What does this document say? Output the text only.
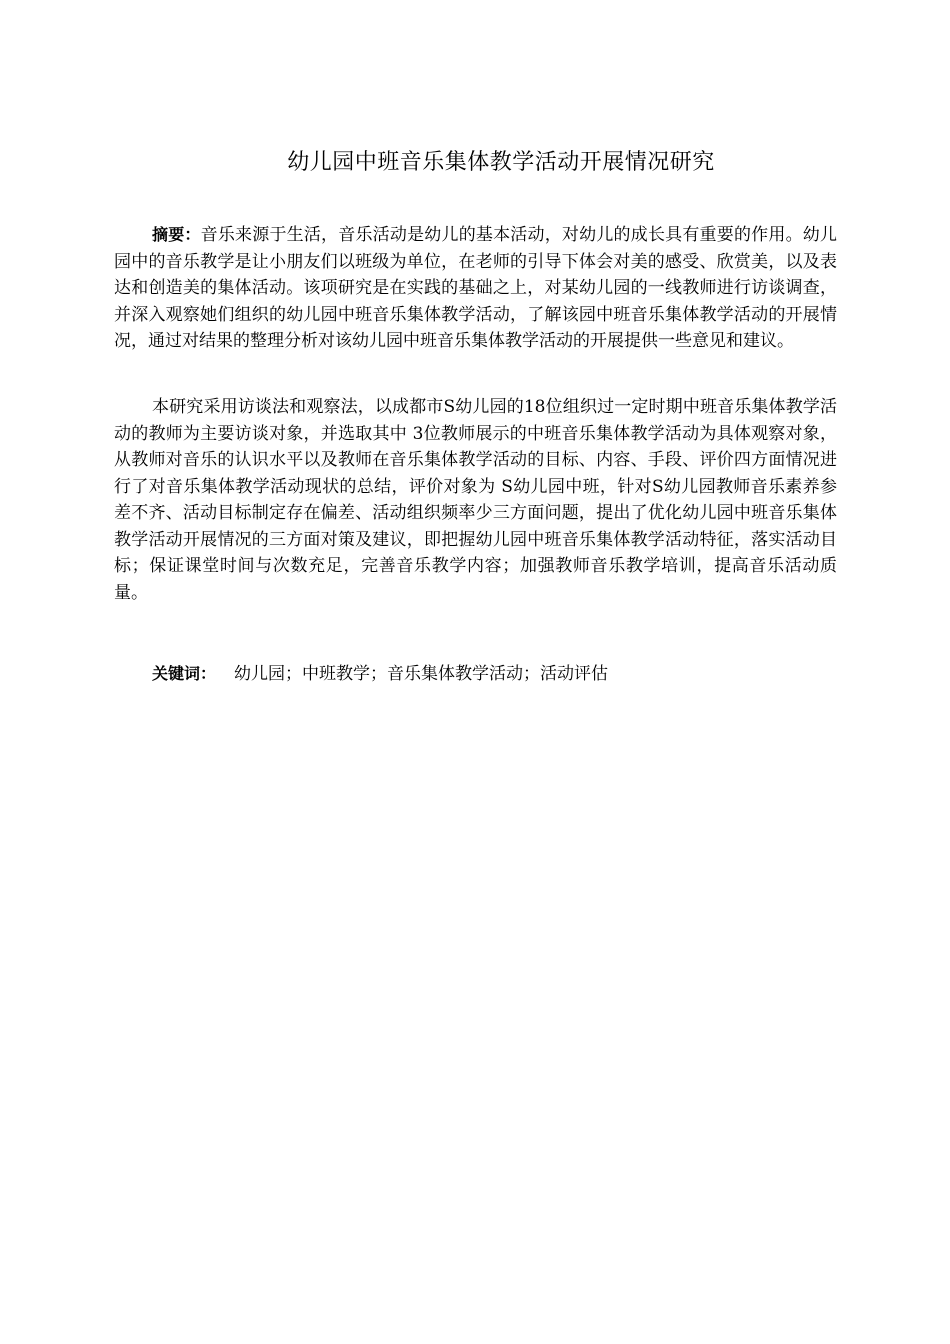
幼儿园中班音乐集体教学活动开展情况研究

摘要：音乐来源于生活，音乐活动是幼儿的基本活动，对幼儿的成长具有重要的作用。幼儿园中的音乐教学是让小朋友们以班级为单位，在老师的引导下体会对美的感受、欣赏美，以及表达和创造美的集体活动。该项研究是在实践的基础之上，对某幼儿园的一线教师进行访谈调查，并深入观察她们组织的幼儿园中班音乐集体教学活动，了解该园中班音乐集体教学活动的开展情况，通过对结果的整理分析对该幼儿园中班音乐集体教学活动的开展提供一些意见和建议。

本研究采用访谈法和观察法，以成都市S幼儿园的18位组织过一定时期中班音乐集体教学活动的教师为主要访谈对象，并选取其中 3位教师展示的中班音乐集体教学活动为具体观察对象，从教师对音乐的认识水平以及教师在音乐集体教学活动的目标、内容、手段、评价四方面情况进行了对音乐集体教学活动现状的总结，评价对象为 S幼儿园中班，针对S幼儿园教师音乐素养参差不齐、活动目标制定存在偏差、活动组织频率少三方面问题，提出了优化幼儿园中班音乐集体教学活动开展情况的三方面对策及建议，即把握幼儿园中班音乐集体教学活动特征，落实活动目标；保证课堂时间与次数充足，完善音乐教学内容；加强教师音乐教学培训，提高音乐活动质量。

关键词： 幼儿园；中班教学；音乐集体教学活动；活动评估
